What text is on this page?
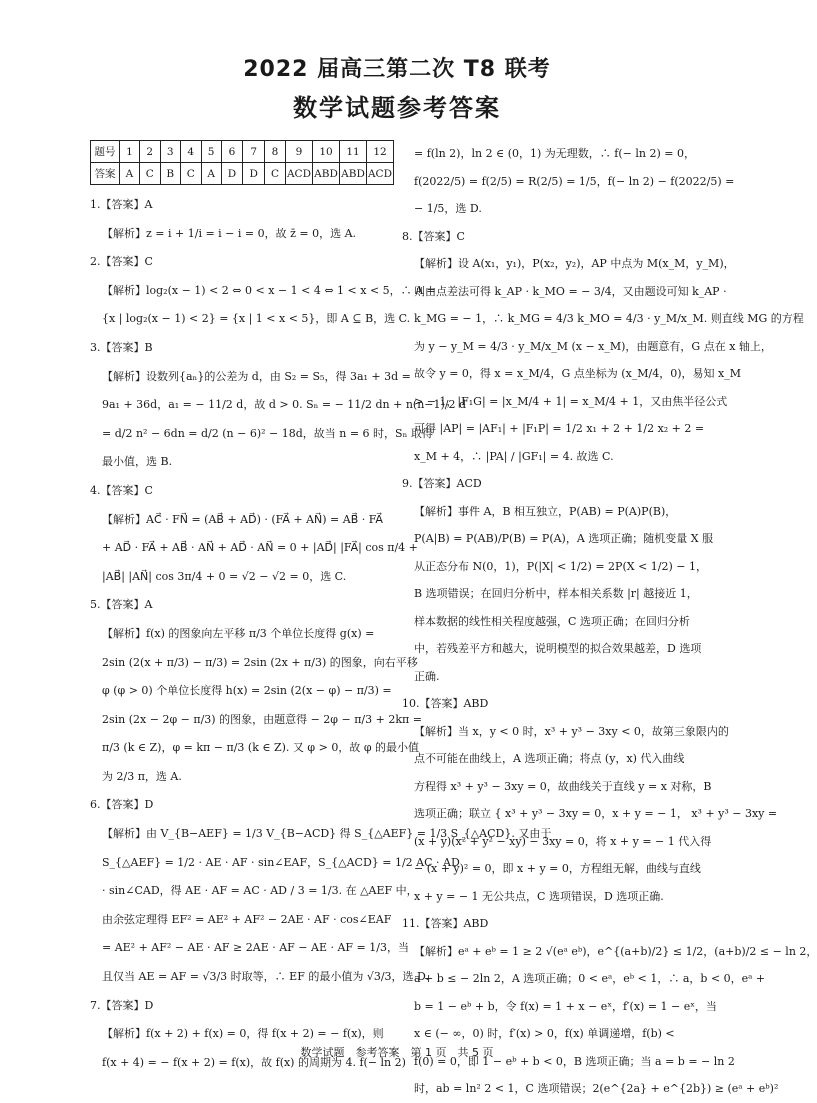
2022 届高三第二次 T8 联考
数学试题参考答案
题号	1	2	3	4	5	6	7	8	9	10	11	12
答案	A	C	B	C	A	D	D	C	ACD	ABD	ABD	ACD
1.【答案】A
【解析】z = i + 1/i = i − i = 0，故 z̄ = 0，选 A.
2.【答案】C
【解析】log₂(x − 1) < 2 ⇔ 0 < x − 1 < 4 ⇔ 1 < x < 5，∴ A =
{x | log₂(x − 1) < 2} = {x | 1 < x < 5}，即 A ⊆ B，选 C.
3.【答案】B
【解析】设数列{aₙ}的公差为 d，由 S₂ = S₅，得 3a₁ + 3d =
9a₁ + 36d，a₁ = − 11/2 d，故 d > 0. Sₙ = − 11/2 dn + n(n−1)/2 d
= d/2 n² − 6dn = d/2 (n − 6)² − 18d，故当 n = 6 时，Sₙ 取得
最小值，选 B.
4.【答案】C
【解析】AC⃗ · FN⃗ = (AB⃗ + AD⃗) · (FA⃗ + AN⃗) = AB⃗ · FA⃗
+ AD⃗ · FA⃗ + AB⃗ · AN⃗ + AD⃗ · AN⃗ = 0 + |AD⃗| |FA⃗| cos π/4 +
|AB⃗| |AN⃗| cos 3π/4 + 0 = √2 − √2 = 0，选 C.
5.【答案】A
【解析】f(x) 的图象向左平移 π/3 个单位长度得 g(x) =
2sin (2(x + π/3) − π/3) = 2sin (2x + π/3) 的图象，向右平移
φ (φ > 0) 个单位长度得 h(x) = 2sin (2(x − φ) − π/3) =
2sin (2x − 2φ − π/3) 的图象，由题意得 − 2φ − π/3 + 2kπ =
π/3 (k ∈ Z)，φ = kπ − π/3 (k ∈ Z). 又 φ > 0，故 φ 的最小值
为 2/3 π，选 A.
6.【答案】D
【解析】由 V_{B−AEF} = 1/3 V_{B−ACD} 得 S_{△AEF} = 1/3 S_{△ACD}. 又由于
S_{△AEF} = 1/2 · AE · AF · sin∠EAF，S_{△ACD} = 1/2 AC · AD
· sin∠CAD，得 AE · AF = AC · AD / 3 = 1/3. 在 △AEF 中，
由余弦定理得 EF² = AE² + AF² − 2AE · AF · cos∠EAF
= AE² + AF² − AE · AF ≥ 2AE · AF − AE · AF = 1/3，当
且仅当 AE = AF = √3/3 时取等，∴ EF 的最小值为 √3/3，选 D.
7.【答案】D
【解析】f(x + 2) + f(x) = 0，得 f(x + 2) = − f(x)，则
f(x + 4) = − f(x + 2) = f(x)，故 f(x) 的周期为 4. f(− ln 2)
= f(ln 2)，ln 2 ∈ (0，1) 为无理数，∴ f(− ln 2) = 0，
f(2022/5) = f(2/5) = R(2/5) = 1/5，f(− ln 2) − f(2022/5) =
− 1/5，选 D.
8.【答案】C
【解析】设 A(x₁，y₁)，P(x₂，y₂)，AP 中点为 M(x_M，y_M)，
则由点差法可得 k_AP · k_MO = − 3/4，又由题设可知 k_AP ·
k_MG = − 1，∴ k_MG = 4/3 k_MO = 4/3 · y_M/x_M. 则直线 MG 的方程
为 y − y_M = 4/3 · y_M/x_M (x − x_M)，由题意有，G 点在 x 轴上，
故令 y = 0，得 x = x_M/4，G 点坐标为 (x_M/4，0)，易知 x_M
> − 1，|F₁G| = |x_M/4 + 1| = x_M/4 + 1，又由焦半径公式
可得 |AP| = |AF₁| + |F₁P| = 1/2 x₁ + 2 + 1/2 x₂ + 2 =
x_M + 4，∴ |PA| / |GF₁| = 4. 故选 C.
9.【答案】ACD
【解析】事件 A，B 相互独立，P(AB) = P(A)P(B)，
P(A|B) = P(AB)/P(B) = P(A)，A 选项正确；随机变量 X 服
从正态分布 N(0，1)，P(|X| < 1/2) = 2P(X < 1/2) − 1，
B 选项错误；在回归分析中，样本相关系数 |r| 越接近 1，
样本数据的线性相关程度越强，C 选项正确；在回归分析
中，若残差平方和越大，说明模型的拟合效果越差，D 选项
正确.
10.【答案】ABD
【解析】当 x，y < 0 时，x³ + y³ − 3xy < 0，故第三象限内的
点不可能在曲线上，A 选项正确；将点 (y，x) 代入曲线
方程得 x³ + y³ − 3xy = 0，故曲线关于直线 y = x 对称，B
选项正确；联立 { x³ + y³ − 3xy = 0，x + y = − 1， x³ + y³ − 3xy =
(x + y)(x² + y² − xy) − 3xy = 0，将 x + y = − 1 代入得
− (x + y)² = 0，即 x + y = 0，方程组无解，曲线与直线
x + y = − 1 无公共点，C 选项错误，D 选项正确.
11.【答案】ABD
【解析】eᵃ + eᵇ = 1 ≥ 2 √(eᵃ eᵇ)，e^{(a+b)/2} ≤ 1/2，(a+b)/2 ≤ − ln 2，
a + b ≤ − 2ln 2，A 选项正确；0 < eᵃ，eᵇ < 1，∴ a，b < 0，eᵃ +
b = 1 − eᵇ + b，令 f(x) = 1 + x − eˣ，f′(x) = 1 − eˣ，当
x ∈ (− ∞，0) 时，f′(x) > 0，f(x) 单调递增，f(b) <
f(0) = 0，即 1 − eᵇ + b < 0，B 选项正确；当 a = b = − ln 2
时，ab = ln² 2 < 1，C 选项错误；2(e^{2a} + e^{2b}) ≥ (eᵃ + eᵇ)²
数学试题　参考答案　第 1 页　共 5 页
